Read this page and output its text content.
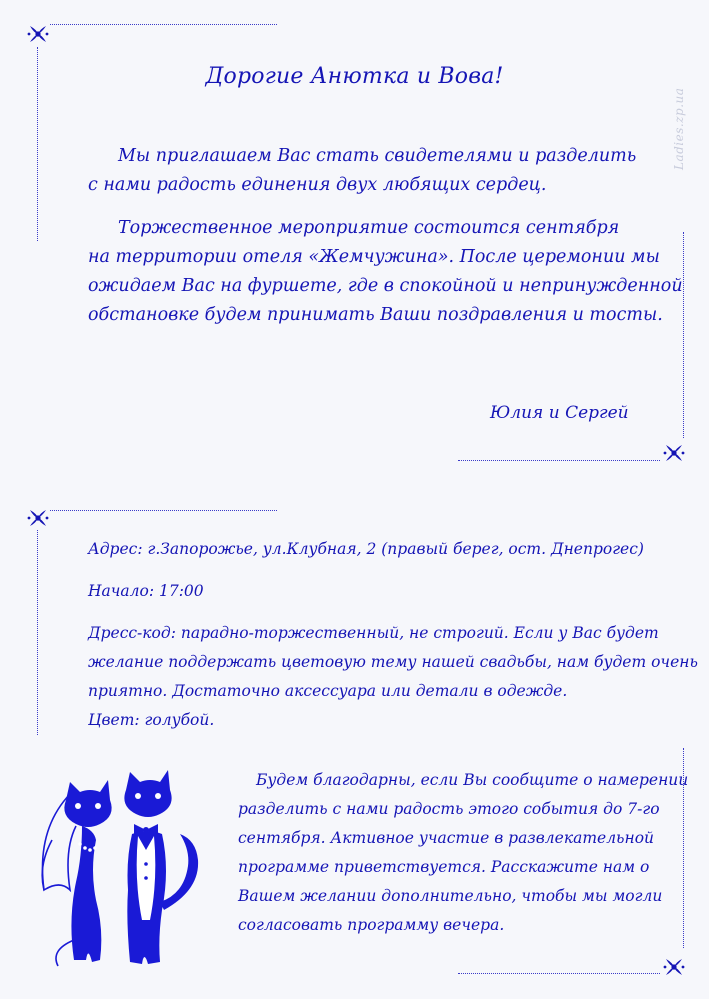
Ladies.zp.ua
Дорогие Анютка и Вова!
Мы приглашаем Вас стать свидетелями и разделить
с нами радость единения двух любящих сердец.
Торжественное мероприятие состоится сентября
на территории отеля «Жемчужина». После церемонии мы
ожидаем Вас на фуршете, где в спокойной и непринужденной
обстановке будем принимать Ваши поздравления и тосты.
Юлия и Сергей
Адрес: г.Запорожье, ул.Клубная, 2 (правый берег, ост. Днепрогес)
Начало: 17:00
Дресс-код: парадно-торжественный, не строгий. Если у Вас будет
желание поддержать цветовую тему нашей свадьбы, нам будет очень
приятно. Достаточно аксессуара или детали в одежде.
Цвет: голубой.
Будем благодарны, если Вы сообщите о намерении
разделить с нами радость этого события до 7-го
сентября. Активное участие в развлекательной
программе приветствуется. Расскажите нам о
Вашем желании дополнительно, чтобы мы могли
согласовать программу вечера.
